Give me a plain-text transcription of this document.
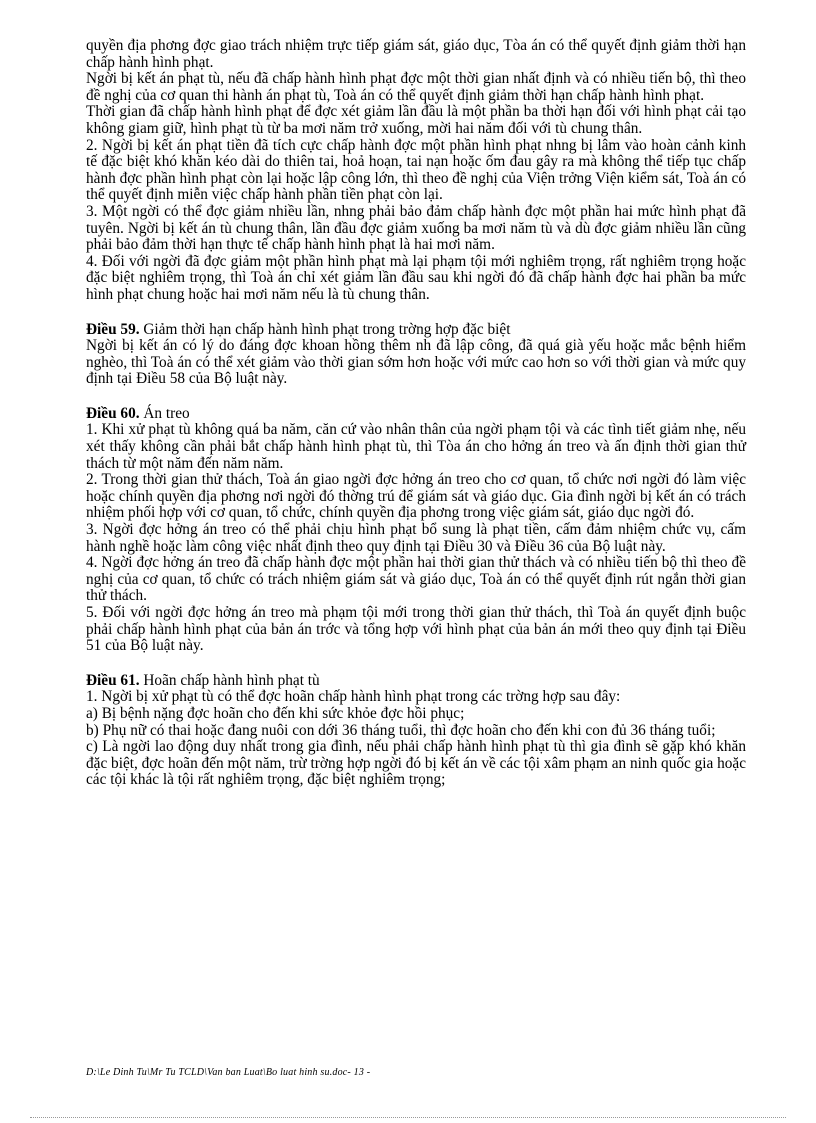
quyền địa phơng đợc giao trách nhiệm trực tiếp giám sát, giáo dục, Tòa án có thể quyết định giảm thời hạn chấp hành hình phạt.

Ngời bị kết án phạt tù, nếu đã chấp hành hình phạt đợc một thời gian nhất định và có nhiều tiến bộ, thì theo đề nghị của cơ quan thi hành án phạt tù, Toà án có thể quyết định giảm thời hạn chấp hành hình phạt.

Thời gian đã chấp hành hình phạt để đợc xét giảm lần đầu là một phần ba thời hạn đối với hình phạt cải tạo không giam giữ, hình phạt tù từ ba mơi năm trở xuống, mời hai năm đối với tù chung thân.

2. Ngời bị kết án phạt tiền đã tích cực chấp hành đợc một phần hình phạt nhng bị lâm vào hoàn cảnh kinh tế đặc biệt khó khăn kéo dài do thiên tai, hoả hoạn, tai nạn hoặc ốm đau gây ra mà không thể tiếp tục chấp hành đợc phần hình phạt còn lại hoặc lập công lớn, thì theo đề nghị của Viện trởng Viện kiểm sát, Toà án có thể quyết định miễn việc chấp hành phần tiền phạt còn lại.

3. Một ngời có thể đợc giảm nhiều lần, nhng phải bảo đảm chấp hành đợc một phần hai mức hình phạt đã tuyên. Ngời bị kết án tù chung thân, lần đầu đợc giảm xuống ba mơi năm tù và dù đợc giảm nhiều lần cũng phải bảo đảm thời hạn thực tế chấp hành hình phạt là hai mơi năm.

4. Đối với ngời đã đợc giảm một phần hình phạt mà lại phạm tội mới nghiêm trọng, rất nghiêm trọng hoặc đặc biệt nghiêm trọng, thì Toà án chỉ xét giảm lần đầu sau khi ngời đó đã chấp hành đợc hai phần ba mức hình phạt chung hoặc hai mơi năm nếu là tù chung thân.

Điều 59. Giảm thời hạn chấp hành hình phạt trong trờng hợp đặc biệt

Ngời bị kết án có lý do đáng đợc khoan hồng thêm nh đã lập công, đã quá già yếu hoặc mắc bệnh hiểm nghèo, thì Toà án có thể xét giảm vào thời gian sớm hơn hoặc với mức cao hơn so với thời gian và mức quy định tại Điều 58 của Bộ luật này.

Điều 60. Án treo

1. Khi xử phạt tù không quá ba năm, căn cứ vào nhân thân của ngời phạm tội và các tình tiết giảm nhẹ, nếu xét thấy không cần phải bắt chấp hành hình phạt tù, thì Tòa án cho hởng án treo và ấn định thời gian thử thách từ một năm đến năm năm.

2. Trong thời gian thử thách, Toà án giao ngời đợc hởng án treo cho cơ quan, tổ chức nơi ngời đó làm việc hoặc chính quyền địa phơng nơi ngời đó thờng trú để giám sát và giáo dục. Gia đình ngời bị kết án có trách nhiệm phối hợp với cơ quan, tổ chức, chính quyền địa phơng trong việc giám sát, giáo dục ngời đó.

3. Ngời đợc hởng án treo có thể phải chịu hình phạt bổ sung là phạt tiền, cấm đảm nhiệm chức vụ, cấm hành nghề hoặc làm công việc nhất định theo quy định tại Điều 30 và Điều 36 của Bộ luật này.

4. Ngời đợc hởng án treo đã chấp hành đợc một phần hai thời gian thử thách và có nhiều tiến bộ thì theo đề nghị của cơ quan, tổ chức có trách nhiệm giám sát và giáo dục, Toà án có thể quyết định rút ngắn thời gian thử thách.

5. Đối với ngời đợc hởng án treo mà phạm tội mới trong thời gian thử thách, thì Toà án quyết định buộc phải chấp hành hình phạt của bản án trớc và tổng hợp với hình phạt của bản án mới theo quy định tại Điều 51 của Bộ luật này.

Điều 61. Hoãn chấp hành hình phạt tù

1. Ngời bị xử phạt tù có thể đợc hoãn chấp hành hình phạt trong các trờng hợp sau đây:

a) Bị bệnh nặng đợc hoãn cho đến khi sức khỏe đợc hồi phục;

b) Phụ nữ có thai hoặc đang nuôi con dới 36 tháng tuổi, thì đợc hoãn cho đến khi con đủ 36 tháng tuổi;

c) Là ngời lao động duy nhất trong gia đình, nếu phải chấp hành hình phạt tù thì gia đình sẽ gặp khó khăn đặc biệt, đợc hoãn đến một năm, trừ trờng hợp ngời đó bị kết án về các tội xâm phạm an ninh quốc gia hoặc các tội khác là tội rất nghiêm trọng, đặc biệt nghiêm trọng;

D:\Le Dinh Tu\Mr Tu TCLD\Van ban Luat\Bo luat hinh su.doc- 13 -
